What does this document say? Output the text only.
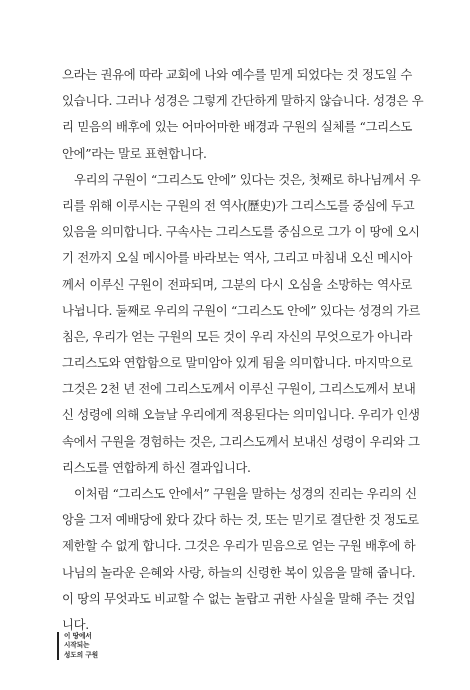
으라는 권유에 따라 교회에 나와 예수를 믿게 되었다는 것 정도일 수
있습니다. 그러나 성경은 그렇게 간단하게 말하지 않습니다. 성경은 우
리 믿음의 배후에 있는 어마어마한 배경과 구원의 실체를 “그리스도
안에”라는 말로 표현합니다.
우리의 구원이 “그리스도 안에” 있다는 것은, 첫째로 하나님께서 우
리를 위해 이루시는 구원의 전 역사(歷史)가 그리스도를 중심에 두고
있음을 의미합니다. 구속사는 그리스도를 중심으로 그가 이 땅에 오시
기 전까지 오실 메시아를 바라보는 역사, 그리고 마침내 오신 메시아
께서 이루신 구원이 전파되며, 그분의 다시 오심을 소망하는 역사로
나뉩니다. 둘째로 우리의 구원이 “그리스도 안에” 있다는 성경의 가르
침은, 우리가 얻는 구원의 모든 것이 우리 자신의 무엇으로가 아니라
그리스도와 연합함으로 말미암아 있게 됨을 의미합니다. 마지막으로
그것은 2천 년 전에 그리스도께서 이루신 구원이, 그리스도께서 보내
신 성령에 의해 오늘날 우리에게 적용된다는 의미입니다. 우리가 인생
속에서 구원을 경험하는 것은, 그리스도께서 보내신 성령이 우리와 그
리스도를 연합하게 하신 결과입니다.
이처럼 “그리스도 안에서” 구원을 말하는 성경의 진리는 우리의 신
앙을 그저 예배당에 왔다 갔다 하는 것, 또는 믿기로 결단한 것 정도로
제한할 수 없게 합니다. 그것은 우리가 믿음으로 얻는 구원 배후에 하
나님의 놀라운 은혜와 사랑, 하늘의 신령한 복이 있음을 말해 줍니다.
이 땅의 무엇과도 비교할 수 없는 놀랍고 귀한 사실을 말해 주는 것입
니다.
이 땅에서
시작되는
성도의 구원
